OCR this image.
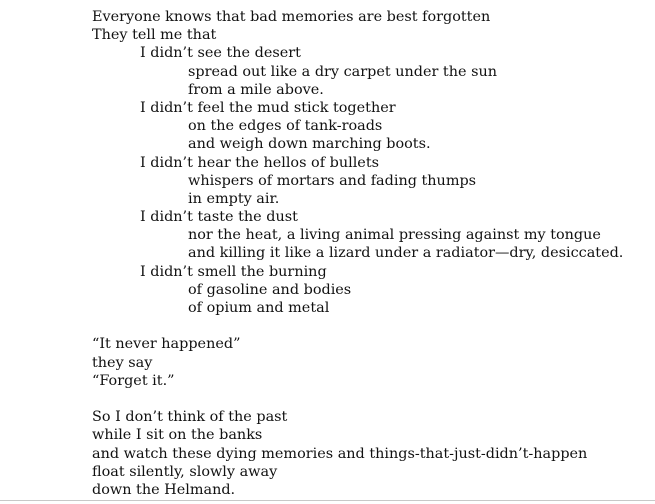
Everyone knows that bad memories are best forgotten
They tell me that
I didn’t see the desert
spread out like a dry carpet under the sun
from a mile above.
I didn’t feel the mud stick together
on the edges of tank-roads
and weigh down marching boots.
I didn’t hear the hellos of bullets
whispers of mortars and fading thumps
in empty air.
I didn’t taste the dust
nor the heat, a living animal pressing against my tongue
and killing it like a lizard under a radiator—dry, desiccated.
I didn’t smell the burning
of gasoline and bodies
of opium and metal
“It never happened”
they say
“Forget it.”
So I don’t think of the past
while I sit on the banks
and watch these dying memories and things-that-just-didn’t-happen
float silently, slowly away
down the Helmand.
